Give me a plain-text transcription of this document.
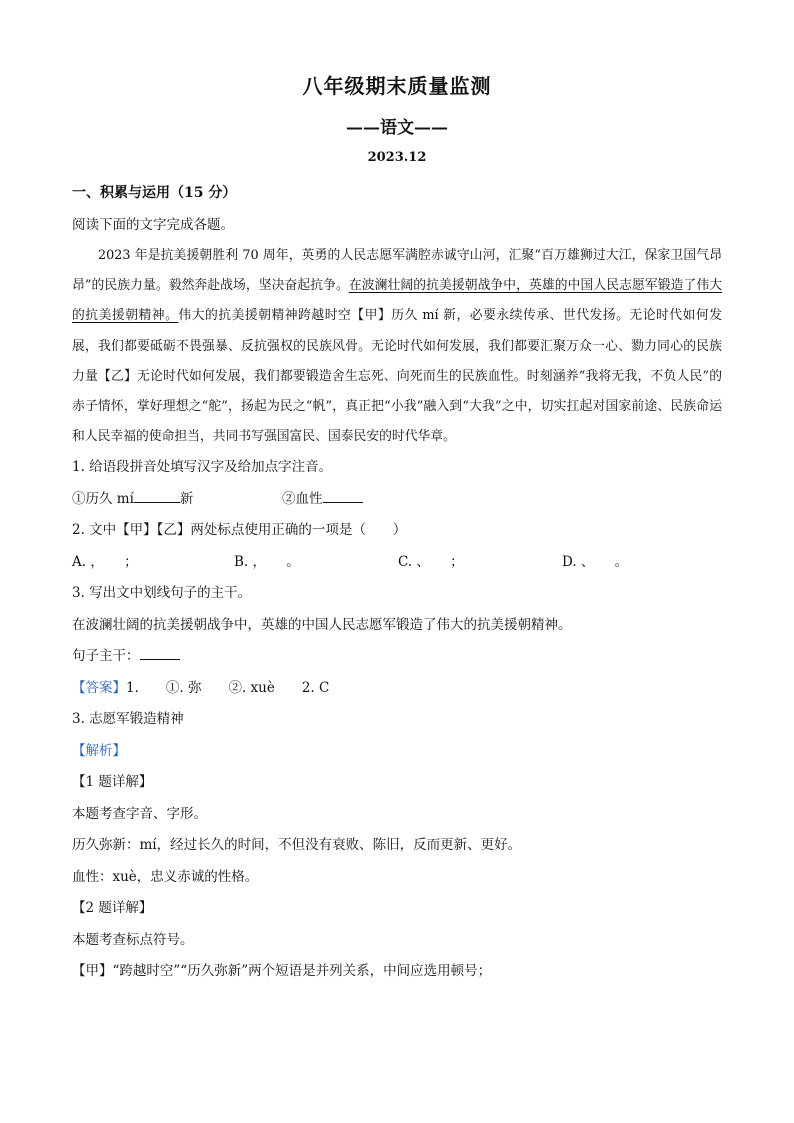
八年级期末质量监测
——语文——
2023.12
一、积累与运用（15 分）
阅读下面的文字完成各题。
2023 年是抗美援朝胜利 70 周年，英勇的人民志愿军满腔赤诚守山河，汇聚“百万雄狮过大江，保家卫国气昂昂”的民族力量。毅然奔赴战场，坚决奋起抗争。在波澜壮阔的抗美援朝战争中，英雄的中国人民志愿军锻造了伟大的抗美援朝精神。伟大的抗美援朝精神跨越时空【甲】历久 mí 新，必要永续传承、世代发扬。无论时代如何发展，我们都要砥砺不畏强暴、反抗强权的民族风骨。无论时代如何发展，我们都要汇聚万众一心、勠力同心的民族力量【乙】无论时代如何发展，我们都要锻造舍生忘死、向死而生的民族血性。时刻涵养“我将无我，不负人民”的赤子情怀，掌好理想之“舵”，扬起为民之“帆”，真正把“小我”融入到“大我”之中，切实扛起对国家前途、民族命运和人民幸福的使命担当，共同书写强国富民、国泰民安的时代华章。
1. 给语段拼音处填写汉字及给加点字注音。
①历久 mí	新	②血性
2. 文中【甲】【乙】两处标点使用正确的一项是（　　）
A. ，　　；	B. ，　　。	C. 、　　；	D. 、　　。
3. 写出文中划线句子的主干。
在波澜壮阔的抗美援朝战争中，英雄的中国人民志愿军锻造了伟大的抗美援朝精神。
句子主干：
【答案】1.　　①. 弥　　②. xuè　　2. C
3. 志愿军锻造精神
【解析】
【1 题详解】
本题考查字音、字形。
历久弥新：mí，经过长久的时间，不但没有衰败、陈旧，反而更新、更好。
血性：xuè，忠义赤诚的性格。
【2 题详解】
本题考查标点符号。
【甲】“跨越时空”“历久弥新”两个短语是并列关系，中间应选用顿号；
